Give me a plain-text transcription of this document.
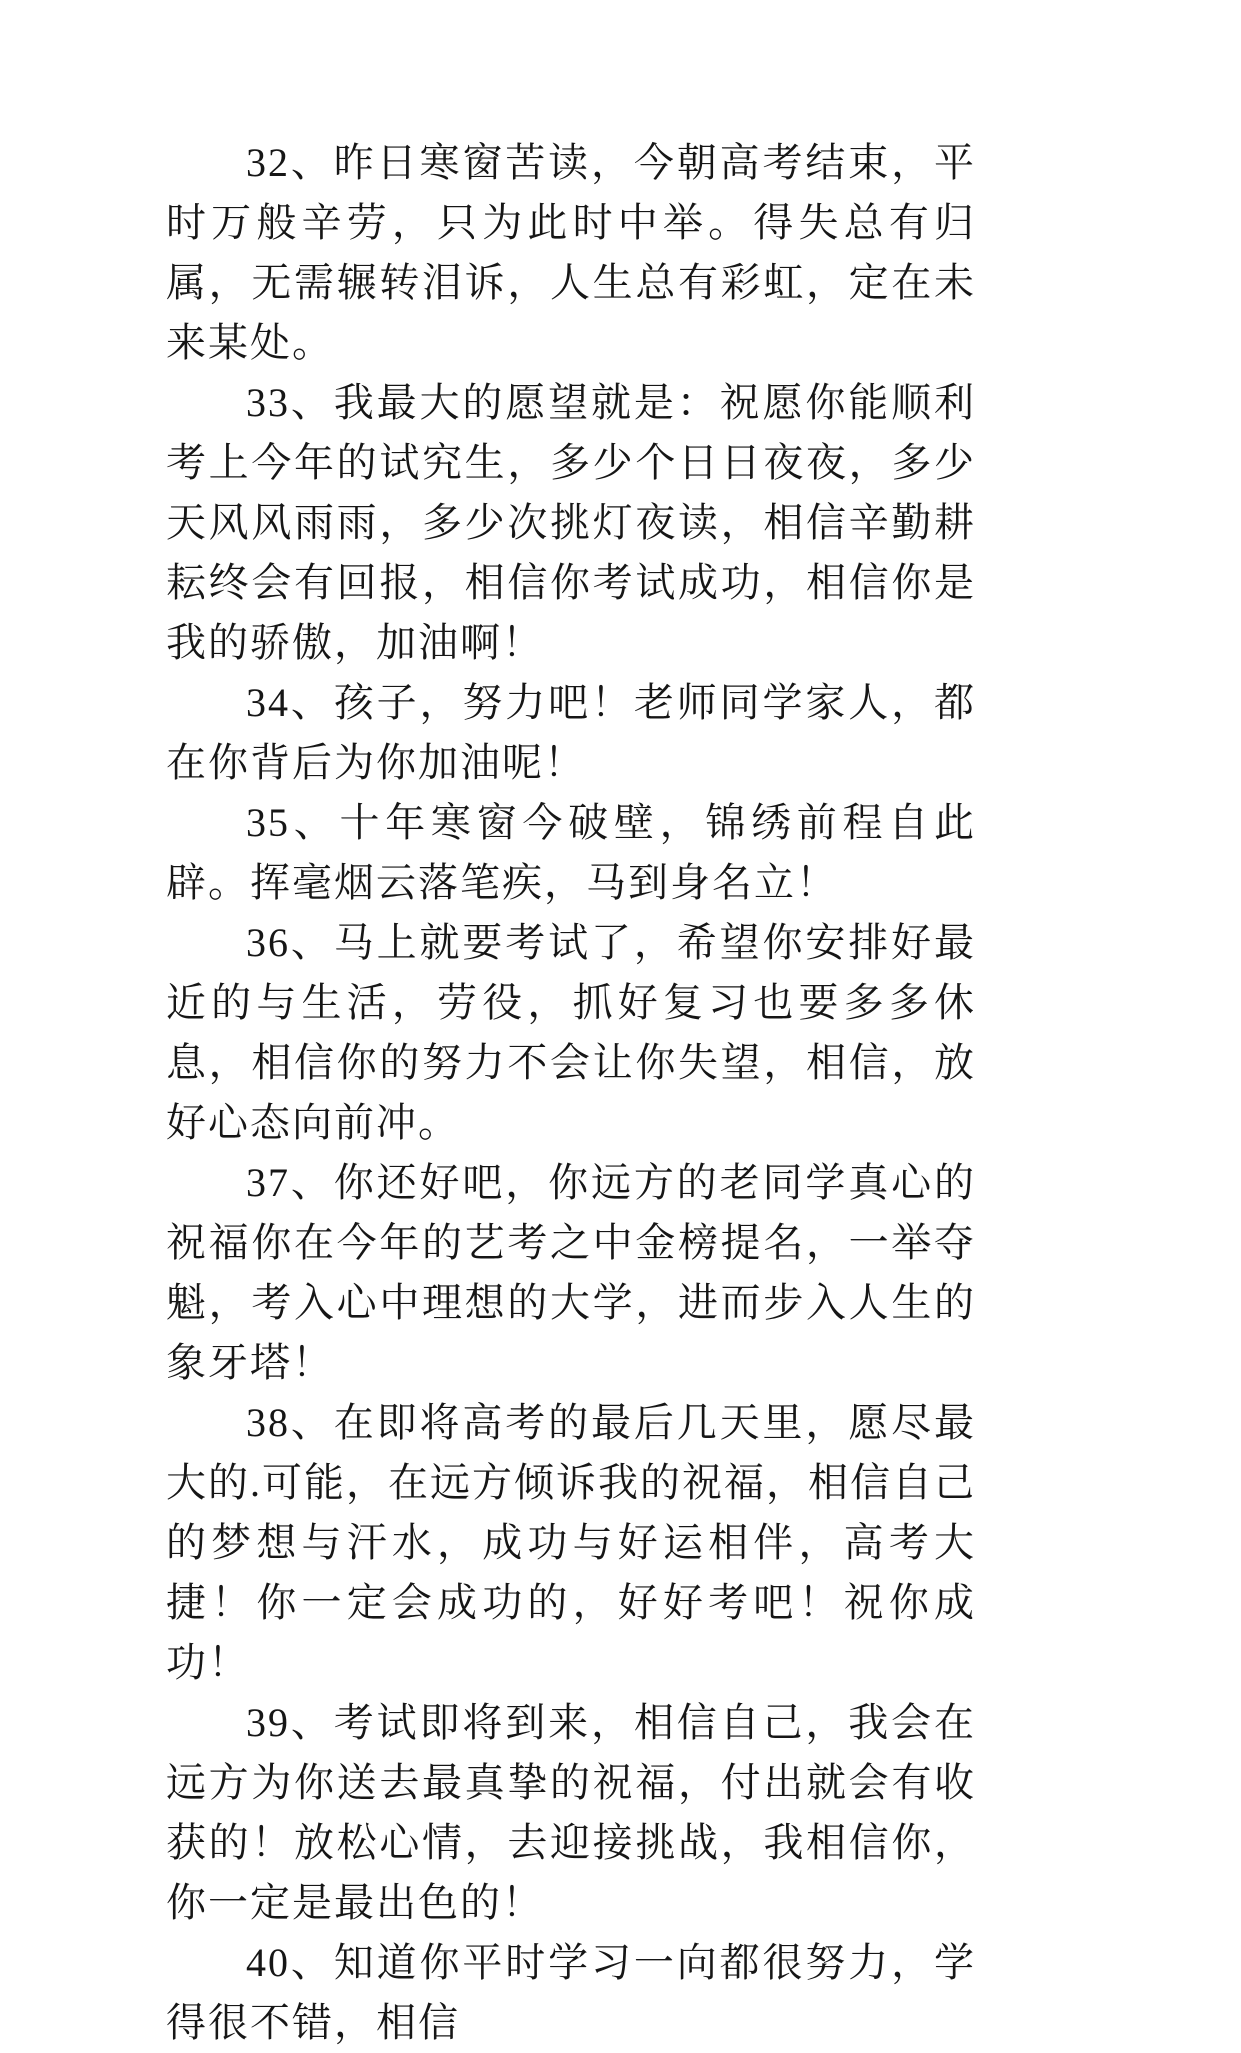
32、昨日寒窗苦读，今朝高考结束，平时万般辛劳，只为此时中举。得失总有归属，无需辗转泪诉，人生总有彩虹，定在未来某处。

33、我最大的愿望就是：祝愿你能顺利考上今年的试究生，多少个日日夜夜，多少天风风雨雨，多少次挑灯夜读，相信辛勤耕耘终会有回报，相信你考试成功，相信你是我的骄傲，加油啊！

34、孩子，努力吧！老师同学家人，都在你背后为你加油呢！

35、十年寒窗今破壁，锦绣前程自此辟。挥毫烟云落笔疾，马到身名立！

36、马上就要考试了，希望你安排好最近的与生活，劳役，抓好复习也要多多休息，相信你的努力不会让你失望，相信，放好心态向前冲。

37、你还好吧，你远方的老同学真心的祝福你在今年的艺考之中金榜提名，一举夺魁，考入心中理想的大学，进而步入人生的象牙塔！

38、在即将高考的最后几天里，愿尽最大的.可能，在远方倾诉我的祝福，相信自己的梦想与汗水，成功与好运相伴，高考大捷！你一定会成功的，好好考吧！祝你成功！

39、考试即将到来，相信自己，我会在远方为你送去最真挚的祝福，付出就会有收获的！放松心情，去迎接挑战，我相信你，你一定是最出色的！

40、知道你平时学习一向都很努力，学得很不错，相信
